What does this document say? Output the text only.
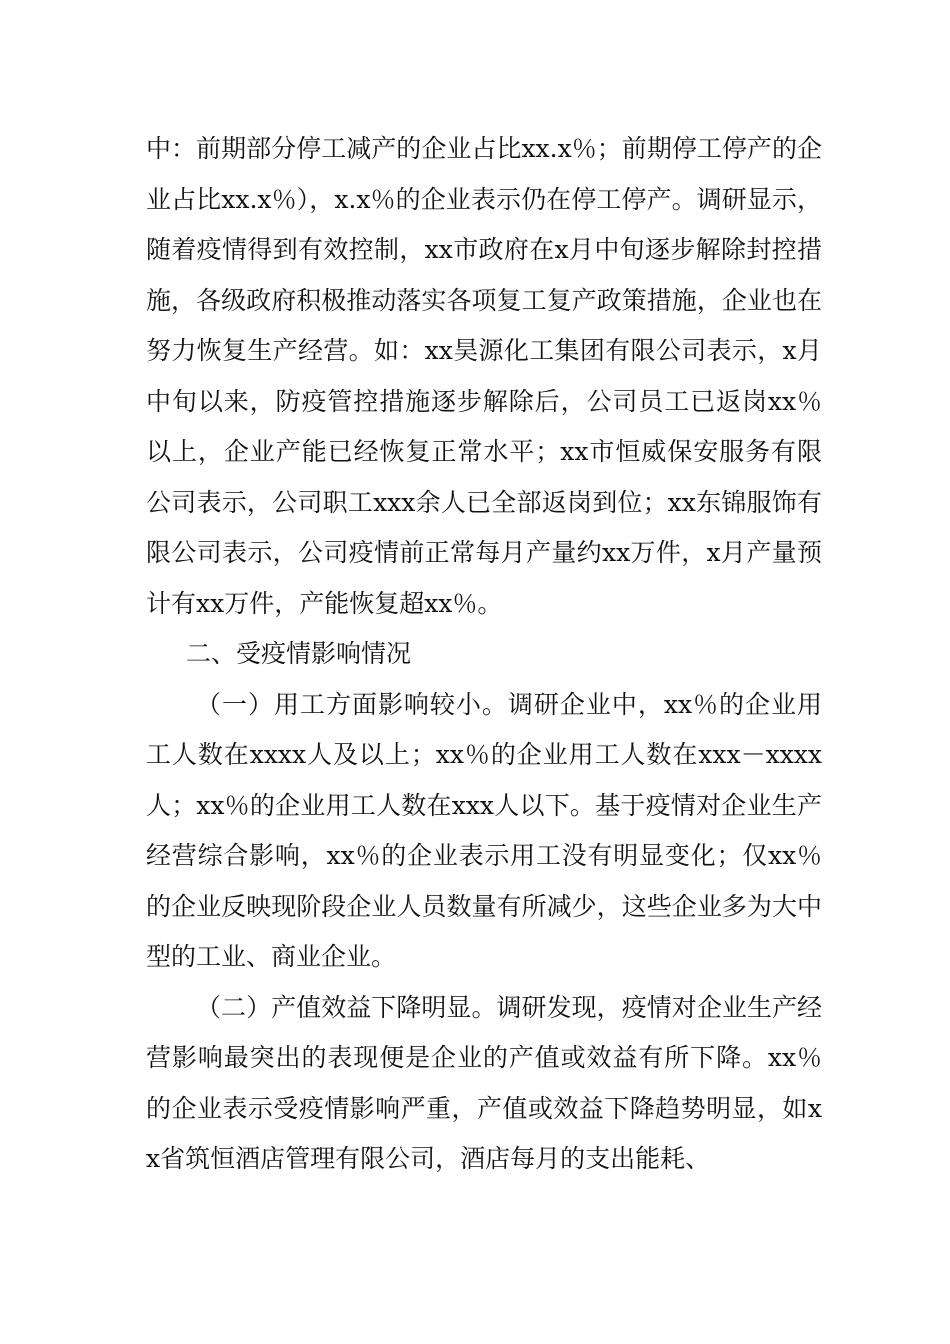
中：前期部分停工减产的企业占比xx.x％；前期停工停产的企业占比xx.x％），x.x％的企业表示仍在停工停产。调研显示，随着疫情得到有效控制，xx市政府在x月中旬逐步解除封控措施，各级政府积极推动落实各项复工复产政策措施，企业也在努力恢复生产经营。如：xx昊源化工集团有限公司表示，x月中旬以来，防疫管控措施逐步解除后，公司员工已返岗xx％以上，企业产能已经恢复正常水平；xx市恒威保安服务有限公司表示，公司职工xxx余人已全部返岗到位；xx东锦服饰有限公司表示，公司疫情前正常每月产量约xx万件，x月产量预计有xx万件，产能恢复超xx％。

二、受疫情影响情况

（一）用工方面影响较小。调研企业中，xx％的企业用工人数在xxxx人及以上；xx％的企业用工人数在xxx－xxxx人；xx％的企业用工人数在xxx人以下。基于疫情对企业生产经营综合影响，xx％的企业表示用工没有明显变化；仅xx％的企业反映现阶段企业人员数量有所减少，这些企业多为大中型的工业、商业企业。

（二）产值效益下降明显。调研发现，疫情对企业生产经营影响最突出的表现便是企业的产值或效益有所下降。xx％的企业表示受疫情影响严重，产值或效益下降趋势明显，如xx省筑恒酒店管理有限公司，酒店每月的支出能耗、
